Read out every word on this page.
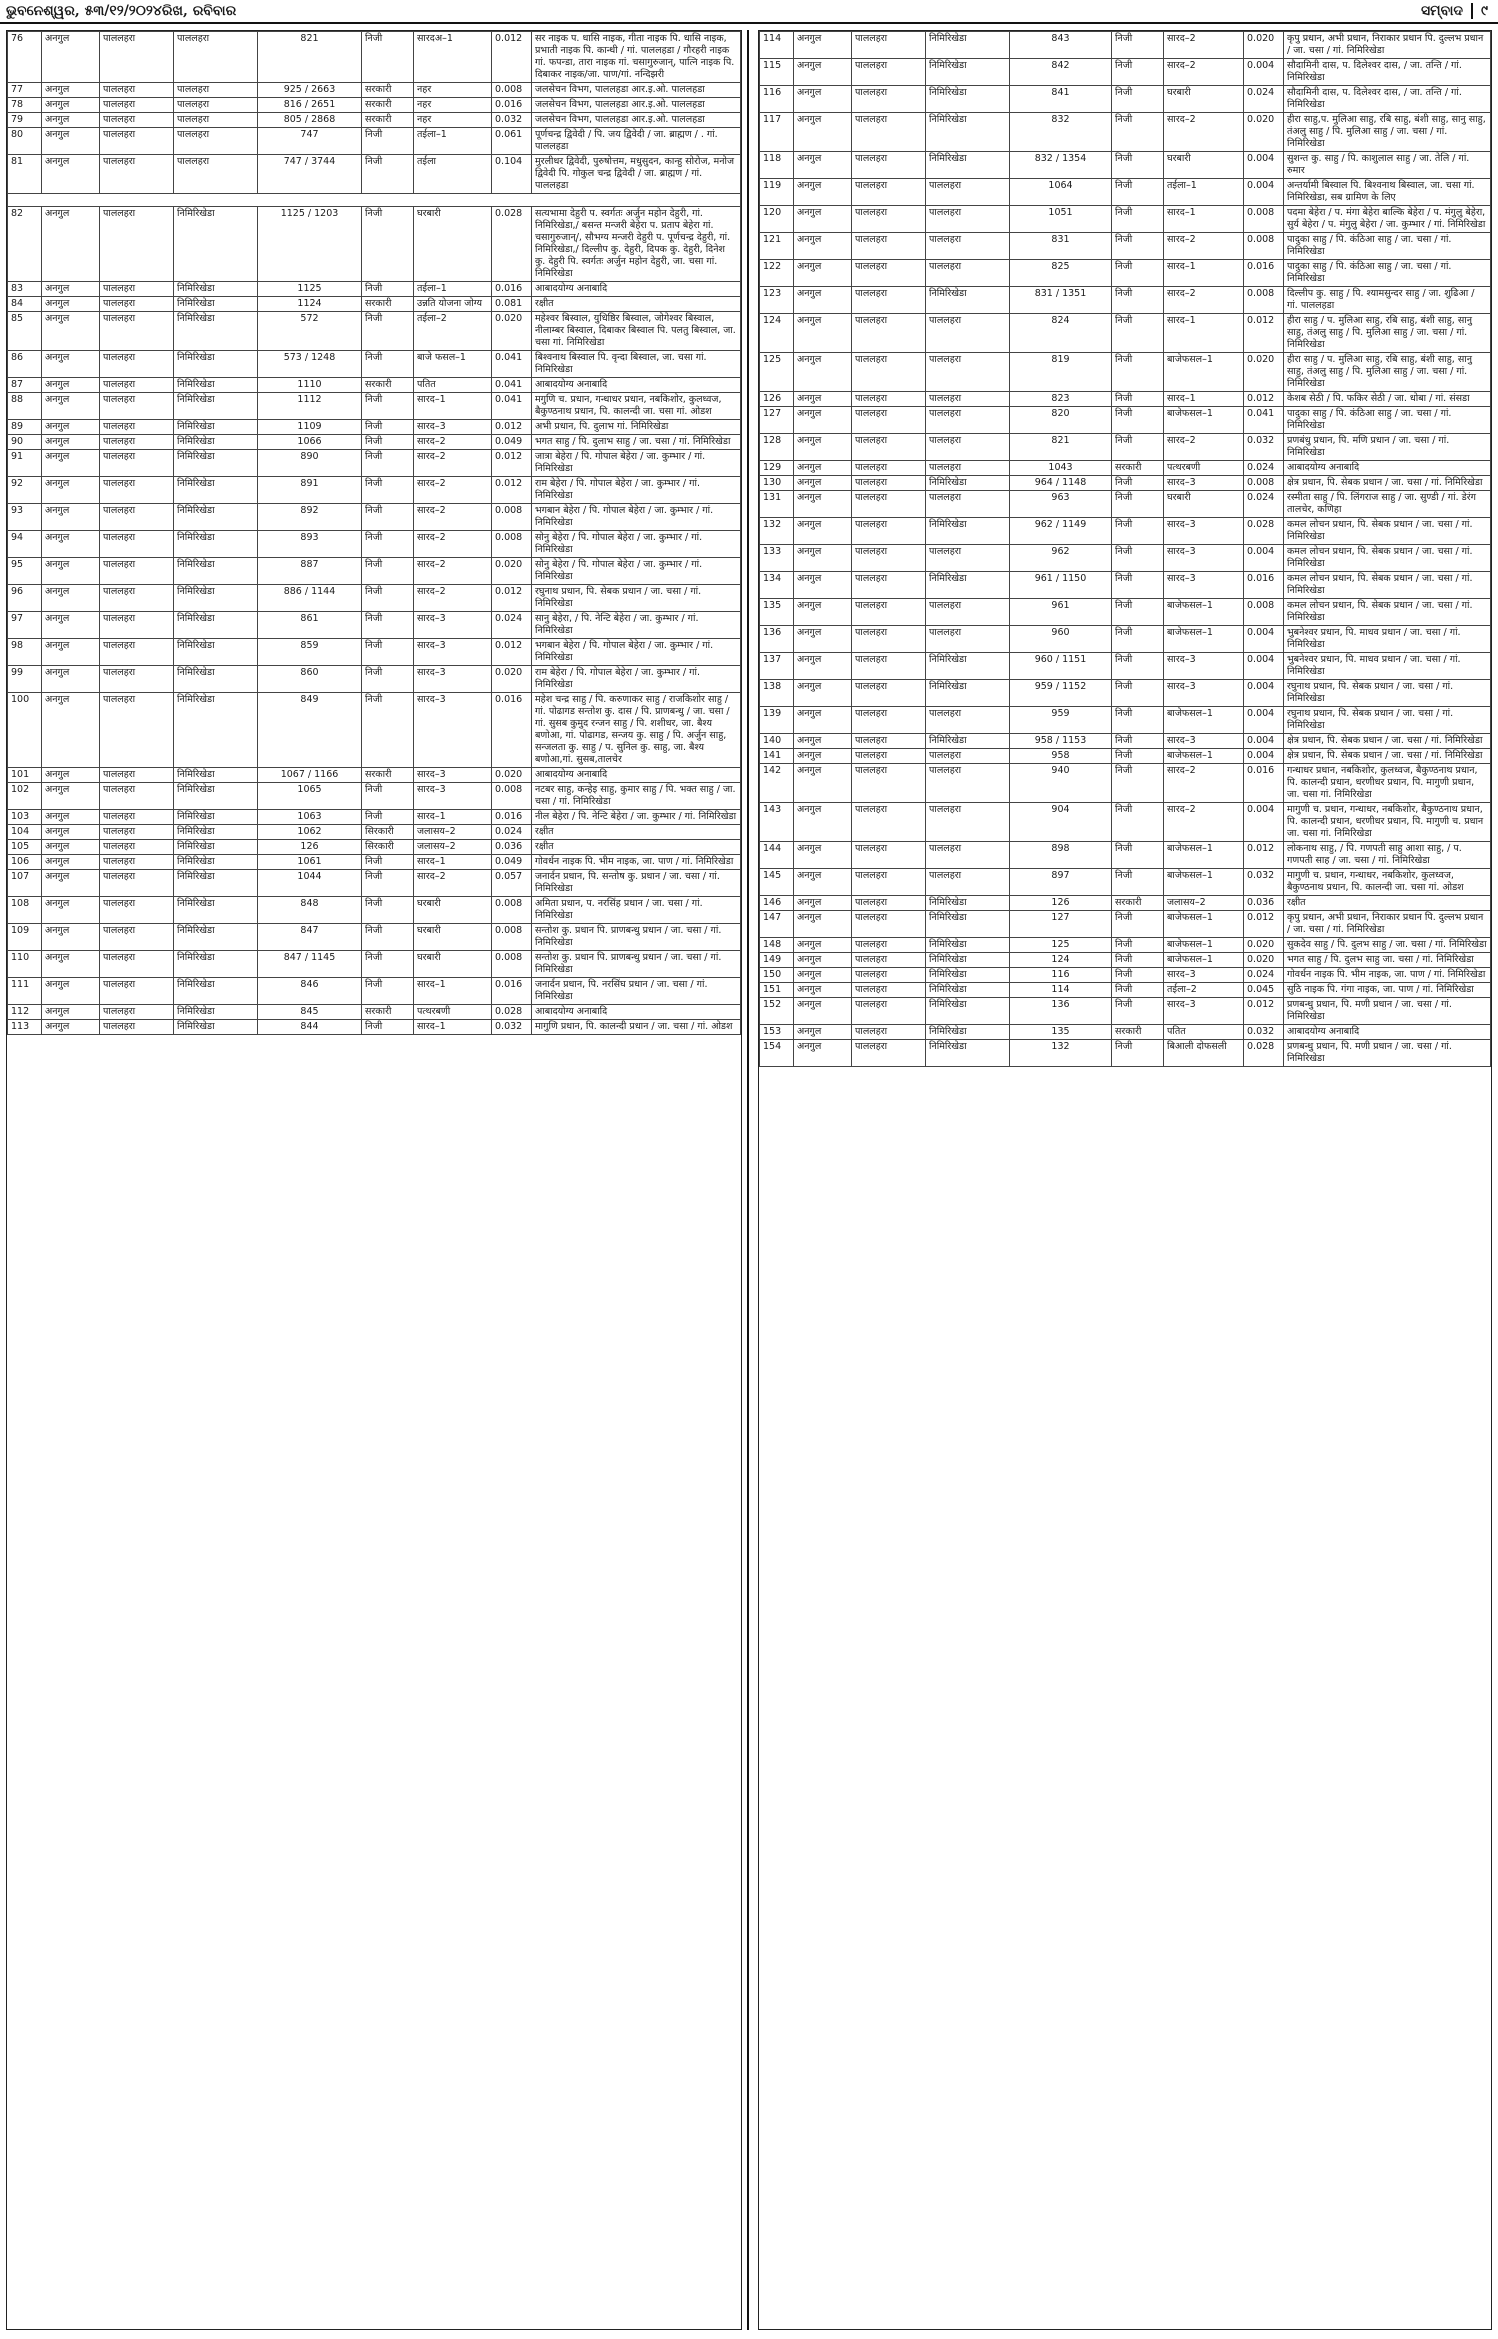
ଭୁବନେଶ୍ୱର, ୫୩/୧୨/୨୦୨୪ରିଖ, ରବିବାର	ସମ୍ବାଦ ୯
76	अनगुल	पाललहरा	पाललहरा	821	निजी	सारदअ–1	0.012	सर नाइक प. धासि नाइक, गीता नाइक पि. धासि नाइक, प्रभाती नाइक पि. कान्धी / गां. पाललहडा / गौरहरी नाइक गां. फपन्डा, तारा नाइक गां. चसागुरुजान्, पात्नि नाइक पि. दिबाकर नाइक/जा. पाण/गां. नन्दिझरी
77	अनगुल	पाललहरा	पाललहरा	925 / 2663	सरकारी	नहर	0.008	जलसेचन विभग, पाललहडा आर.इ.ओ. पाललहडा
78	अनगुल	पाललहरा	पाललहरा	816 / 2651	सरकारी	नहर	0.016	जलसेचन विभग, पाललहडा आर.इ.ओ. पाललहडा
79	अनगुल	पाललहरा	पाललहरा	805 / 2868	सरकारी	नहर	0.032	जलसेचन विभग, पाललहडा आर.इ.ओ. पाललहडा
80	अनगुल	पाललहरा	पाललहरा	747	निजी	तईला–1	0.061	पूर्णचन्द्र द्विवेदी / पि. जय द्विवेदी / जा. ब्राह्मण / . गां. पाललहडा
81	अनगुल	पाललहरा	पाललहरा	747 / 3744	निजी	तईला	0.104	मुरलीधर द्विवेदी, पुरुषोत्तम, मधुसुदन, कान्हु सोरोज, मनोज द्विवेदी पि. गोकुल चन्द्र द्विवेदी / जा. ब्राह्मण / गां. पाललहडा

82	अनगुल	पाललहरा	निमिरिखेडा	1125 / 1203	निजी	घरबारी	0.028	सत्यभामा देहुरी प. स्वर्गतः अर्जुन महोन देहुरी, गां. निमिरिखेडा,/ बसन्त मन्जरी बेहेरा प. प्रताप बेहेरा गां. चसागुरुजान्/, सौभग्य मन्जरी देहुरी प. पूर्णचन्द्र देहुरी, गां. निमिरिखेडा,/ दिल्लीप कु. देहुरी, दिपक कु. देहुरी, दिनेश कु. देहुरी पि. स्वर्गतः अर्जुन महोन देहुरी, जा. चसा गां. निमिरिखेडा
83	अनगुल	पाललहरा	निमिरिखेडा	1125	निजी	तईला–1	0.016	आबादयोग्य अनाबादि
84	अनगुल	पाललहरा	निमिरिखेडा	1124	सरकारी	उन्नति योजना जोग्य	0.081	रक्षीत
85	अनगुल	पाललहरा	निमिरिखेडा	572	निजी	तईला–2	0.020	महेश्वर बिस्वाल, युधिष्ठिर बिस्वाल, जोगेश्वर बिस्वाल, नीलाम्बर बिस्वाल, दिबाकर बिस्वाल पि. पलतु बिस्वाल, जा. चसा गां. निमिरिखेडा
86	अनगुल	पाललहरा	निमिरिखेडा	573 / 1248	निजी	बाजे फसल–1	0.041	बिश्वनाथ बिस्वाल पि. वृन्दा बिस्वाल, जा. चसा गां. निमिरिखेडा
87	अनगुल	पाललहरा	निमिरिखेडा	1110	सरकारी	पतित	0.041	आबादयोग्य अनाबादि
88	अनगुल	पाललहरा	निमिरिखेडा	1112	निजी	सारद–1	0.041	मगुणि च. प्रधान, गन्धाधर प्रधान, नबकिशोर, कुलध्वज, बैकुण्ठनाथ प्रधान, पि. कालन्दी जा. चसा गां. ओडश
89	अनगुल	पाललहरा	निमिरिखेडा	1109	निजी	सारद–3	0.012	अभी प्रधान, पि. दुलाभ गां. निमिरिखेडा
90	अनगुल	पाललहरा	निमिरिखेडा	1066	निजी	सारद–2	0.049	भगत साहु / पि. दुलाभ साहु / जा. चसा / गां. निमिरिखेडा
91	अनगुल	पाललहरा	निमिरिखेडा	890	निजी	सारद–2	0.012	जात्रा बेहेरा / पि. गोपाल बेहेरा / जा. कुम्भार / गां. निमिरिखेडा
92	अनगुल	पाललहरा	निमिरिखेडा	891	निजी	सारद–2	0.012	राम बेहेरा / पि. गोपाल बेहेरा / जा. कुम्भार / गां. निमिरिखेडा
93	अनगुल	पाललहरा	निमिरिखेडा	892	निजी	सारद–2	0.008	भगबान बेहेरा / पि. गोपाल बेहेरा / जा. कुम्भार / गां. निमिरिखेडा
94	अनगुल	पाललहरा	निमिरिखेडा	893	निजी	सारद–2	0.008	सोनु बेहेरा / पि. गोपाल बेहेरा / जा. कुम्भार / गां. निमिरिखेडा
95	अनगुल	पाललहरा	निमिरिखेडा	887	निजी	सारद–2	0.020	सोनु बेहेरा / पि. गोपाल बेहेरा / जा. कुम्भार / गां. निमिरिखेडा
96	अनगुल	पाललहरा	निमिरिखेडा	886 / 1144	निजी	सारद–2	0.012	रघुनाथ प्रधान, पि. सेबक प्रधान / जा. चसा / गां. निमिरिखेडा
97	अनगुल	पाललहरा	निमिरिखेडा	861	निजी	सारद–3	0.024	सानु बेहेरा, / पि. नेन्टि बेहेरा / जा. कुम्भार / गां. निमिरिखेडा
98	अनगुल	पाललहरा	निमिरिखेडा	859	निजी	सारद–3	0.012	भगबान बेहेरा / पि. गोपाल बेहेरा / जा. कुम्भार / गां. निमिरिखेडा
99	अनगुल	पाललहरा	निमिरिखेडा	860	निजी	सारद–3	0.020	राम बेहेरा / पि. गोपाल बेहेरा / जा. कुम्भार / गां. निमिरिखेडा
100	अनगुल	पाललहरा	निमिरिखेडा	849	निजी	सारद–3	0.016	महेश चन्द्र साहु / पि. करुणाकर साहु / राजकिशोर साहु / गां. पोढागड सन्तोश कु. दास / पि. प्राणबन्धु / जा. चसा / गां. सुसब कुमुद रन्जन साहु / पि. शशीधर, जा. बैश्य बणोआ, गां. पोढागड, सन्जय कु. साहु / पि. अर्जुन साहु, सन्जलता कु. साहु / प. सुनिल कु. साहु, जा. बैश्य बणोआ,गां. सुसब,तालचेर
101	अनगुल	पाललहरा	निमिरिखेडा	1067 / 1166	सरकारी	सारद–3	0.020	आबादयोग्य अनाबादि
102	अनगुल	पाललहरा	निमिरिखेडा	1065	निजी	सारद–3	0.008	नटबर साहु, कन्हेइ साहु, कुमार साहु / पि. भक्त साहु / जा. चसा / गां. निमिरिखेडा
103	अनगुल	पाललहरा	निमिरिखेडा	1063	निजी	सारद–1	0.016	नील बेहेरा / पि. नेन्टि बेहेरा / जा. कुम्भार / गां. निमिरिखेडा
104	अनगुल	पाललहरा	निमिरिखेडा	1062	सिरकारी	जलासय–2	0.024	रक्षीत
105	अनगुल	पाललहरा	निमिरिखेडा	126	सिरकारी	जलासय–2	0.036	रक्षीत
106	अनगुल	पाललहरा	निमिरिखेडा	1061	निजी	सारद–1	0.049	गोवर्धन नाइक पि. भीम नाइक, जा. पाण / गां. निमिरिखेडा
107	अनगुल	पाललहरा	निमिरिखेडा	1044	निजी	सारद–2	0.057	जनार्दन प्रधान, पि. सन्तोष कु. प्रधान / जा. चसा / गां. निमिरिखेडा
108	अनगुल	पाललहरा	निमिरिखेडा	848	निजी	घरबारी	0.008	अमिता प्रधान, प. नरसिंह प्रधान / जा. चसा / गां. निमिरिखेडा
109	अनगुल	पाललहरा	निमिरिखेडा	847	निजी	घरबारी	0.008	सन्तोश कु. प्रधान पि. प्राणबन्धु प्रधान / जा. चसा / गां. निमिरिखेडा
110	अनगुल	पाललहरा	निमिरिखेडा	847 / 1145	निजी	घरबारी	0.008	सन्तोश कु. प्रधान पि. प्राणबन्धु प्रधान / जा. चसा / गां. निमिरिखेडा
111	अनगुल	पाललहरा	निमिरिखेडा	846	निजी	सारद–1	0.016	जनार्दन प्रधान, पि. नरसिंघ प्रधान / जा. चसा / गां. निमिरिखेडा
112	अनगुल	पाललहरा	निमिरिखेडा	845	सरकारी	पत्थरबणी	0.028	आबादयोग्य अनाबादि
113	अनगुल	पाललहरा	निमिरिखेडा	844	निजी	सारद–1	0.032	मागुणि प्रधान, पि. कालन्दी प्रधान / जा. चसा / गां. ओडश
114	अनगुल	पाललहरा	निमिरिखेडा	843	निजी	सारद–2	0.020	कृपु प्रधान, अभी प्रधान, निराकार प्रधान पि. दुल्लभ प्रधान / जा. चसा / गां. निमिरिखेडा
115	अनगुल	पाललहरा	निमिरिखेडा	842	निजी	सारद–2	0.004	सौदामिनी दास, प. दिलेश्वर दास, / जा. तन्ति / गां. निमिरिखेडा
116	अनगुल	पाललहरा	निमिरिखेडा	841	निजी	घरबारी	0.024	सौदामिनी दास, प. दिलेश्वर दास, / जा. तन्ति / गां. निमिरिखेडा
117	अनगुल	पाललहरा	निमिरिखेडा	832	निजी	सारद–2	0.020	हीरा साहु,प. मुलिआ साहु, रबि साहु, बंशी साहु, सानु साहु, तंअलु साहु / पि. मुलिआ साहु / जा. चसा / गां. निमिरिखेडा
118	अनगुल	पाललहरा	निमिरिखेडा	832 / 1354	निजी	घरबारी	0.004	सुशन्त कु. साहु / पि. काशुलाल साहु / जा. तेलि / गां. रुमार
119	अनगुल	पाललहरा	पाललहरा	1064	निजी	तईला–1	0.004	अन्तर्यामी बिस्वाल पि. बिश्वनाथ बिस्वाल, जा. चसा गां. निमिरिखेडा, सब ग्रामिण के लिए
120	अनगुल	पाललहरा	पाललहरा	1051	निजी	सारद–1	0.008	पदमा बेहेरा / प. मंगा बेहेरा बाल्कि बेहेरा / प. मंगुलु बेहेरा, सुर्य बेहेरा / प. मंगुलु बेहेरा / जा. कुम्भार / गां. निमिरिखेडा
121	अनगुल	पाललहरा	पाललहरा	831	निजी	सारद–2	0.008	पादुका साहु / पि. कंठिआ साहु / जा. चसा / गां. निमिरिखेडा
122	अनगुल	पाललहरा	पाललहरा	825	निजी	सारद–1	0.016	पादुका साहु / पि. कंठिआ साहु / जा. चसा / गां. निमिरिखेडा
123	अनगुल	पाललहरा	निमिरिखेडा	831 / 1351	निजी	सारद–2	0.008	दिल्लीप कु. साहु / पि. श्यामसुन्दर साहु / जा. शुढिआ / गां. पाललहडा
124	अनगुल	पाललहरा	पाललहरा	824	निजी	सारद–1	0.012	हीरा साहु / प. मुलिआ साहु, रबि साहु, बंशी साहु, सानु साहु, तंअलु साहु / पि. मुलिआ साहु / जा. चसा / गां. निमिरिखेडा
125	अनगुल	पाललहरा	पाललहरा	819	निजी	बाजेफसल–1	0.020	हीरा साहु / प. मुलिआ साहु, रबि साहु, बंशी साहु, सानु साहु, तंअलु साहु / पि. मुलिआ साहु / जा. चसा / गां. निमिरिखेडा
126	अनगुल	पाललहरा	पाललहरा	823	निजी	सारद–1	0.012	केशब सेठी / पि. फकिर सेठी / जा. धोबा / गां. संसडा
127	अनगुल	पाललहरा	पाललहरा	820	निजी	बाजेफसल–1	0.041	पादुका साहु / पि. कंठिआ साहु / जा. चसा / गां. निमिरिखेडा
128	अनगुल	पाललहरा	पाललहरा	821	निजी	सारद–2	0.032	प्रणबंधु प्रधान, पि. मणि प्रधान / जा. चसा / गां. निमिरिखेडा
129	अनगुल	पाललहरा	पाललहरा	1043	सरकारी	पत्थरबणी	0.024	आबादयोग्य अनाबादि
130	अनगुल	पाललहरा	निमिरिखेडा	964 / 1148	निजी	सारद–3	0.008	क्षेत्र प्रधान, पि. सेबक प्रधान / जा. चसा / गां. निमिरिखेडा
131	अनगुल	पाललहरा	पाललहरा	963	निजी	घरबारी	0.024	रस्मीता साहु / पि. लिंगराज साहु / जा. सुण्डी / गां. डेरंग तालचेर, कणिहा
132	अनगुल	पाललहरा	निमिरिखेडा	962 / 1149	निजी	सारद–3	0.028	कमल लोचन प्रधान, पि. सेबक प्रधान / जा. चसा / गां. निमिरिखेडा
133	अनगुल	पाललहरा	पाललहरा	962	निजी	सारद–3	0.004	कमल लोचन प्रधान, पि. सेबक प्रधान / जा. चसा / गां. निमिरिखेडा
134	अनगुल	पाललहरा	निमिरिखेडा	961 / 1150	निजी	सारद–3	0.016	कमल लोचन प्रधान, पि. सेबक प्रधान / जा. चसा / गां. निमिरिखेडा
135	अनगुल	पाललहरा	पाललहरा	961	निजी	बाजेफसल–1	0.008	कमल लोचन प्रधान, पि. सेबक प्रधान / जा. चसा / गां. निमिरिखेडा
136	अनगुल	पाललहरा	पाललहरा	960	निजी	बाजेफसल–1	0.004	भुबनेश्वर प्रधान, पि. माधव प्रधान / जा. चसा / गां. निमिरिखेडा
137	अनगुल	पाललहरा	निमिरिखेडा	960 / 1151	निजी	सारद–3	0.004	भुबनेश्वर प्रधान, पि. माधव प्रधान / जा. चसा / गां. निमिरिखेडा
138	अनगुल	पाललहरा	निमिरिखेडा	959 / 1152	निजी	सारद–3	0.004	रघुनाथ प्रधान, पि. सेबक प्रधान / जा. चसा / गां. निमिरिखेडा
139	अनगुल	पाललहरा	पाललहरा	959	निजी	बाजेफसल–1	0.004	रघुनाथ प्रधान, पि. सेबक प्रधान / जा. चसा / गां. निमिरिखेडा
140	अनगुल	पाललहरा	निमिरिखेडा	958 / 1153	निजी	सारद–3	0.004	क्षेत्र प्रधान, पि. सेबक प्रधान / जा. चसा / गां. निमिरिखेडा
141	अनगुल	पाललहरा	पाललहरा	958	निजी	बाजेफसल–1	0.004	क्षेत्र प्रधान, पि. सेबक प्रधान / जा. चसा / गां. निमिरिखेडा
142	अनगुल	पाललहरा	पाललहरा	940	निजी	सारद–2	0.016	गन्धाधर प्रधान, नबकिशोर, कुलध्वज, बैकुण्ठनाथ प्रधान, पि. कालन्दी प्रधान, धरणीधर प्रधान, पि. मागुणी प्रधान, जा. चसा गां. निमिरिखेडा
143	अनगुल	पाललहरा	पाललहरा	904	निजी	सारद–2	0.004	मागुणी च. प्रधान, गन्धाधर, नबकिशोर, बैकुण्ठनाथ प्रधान, पि. कालन्दी प्रधान, धरणीधर प्रधान, पि. मागुणी च. प्रधान जा. चसा गां. निमिरिखेडा
144	अनगुल	पाललहरा	पाललहरा	898	निजी	बाजेफसल–1	0.012	लोकनाथ साहु, / पि. गणपती साहु आशा साहु, / प. गणपती साह / जा. चसा / गां. निमिरिखेडा
145	अनगुल	पाललहरा	पाललहरा	897	निजी	बाजेफसल–1	0.032	मागुणी च. प्रधान, गन्धाधर, नबकिशोर, कुलध्वज, बैकुण्ठनाथ प्रधान, पि. कालन्दी जा. चसा गां. ओडश
146	अनगुल	पाललहरा	निमिरिखेडा	126	सरकारी	जलासय–2	0.036	रक्षीत
147	अनगुल	पाललहरा	निमिरिखेडा	127	निजी	बाजेफसल–1	0.012	कृपु प्रधान, अभी प्रधान, निराकार प्रधान पि. दुल्लभ प्रधान / जा. चसा / गां. निमिरिखेडा
148	अनगुल	पाललहरा	निमिरिखेडा	125	निजी	बाजेफसल–1	0.020	सुकदेव साहु / पि. दुलभ साहु / जा. चसा / गां. निमिरिखेडा
149	अनगुल	पाललहरा	निमिरिखेडा	124	निजी	बाजेफसल–1	0.020	भगत साहु / पि. दुलभ साहु जा. चसा / गां. निमिरिखेडा
150	अनगुल	पाललहरा	निमिरिखेडा	116	निजी	सारद–3	0.024	गोवर्धन नाइक पि. भीम नाइक, जा. पाण / गां. निमिरिखेडा
151	अनगुल	पाललहरा	निमिरिखेडा	114	निजी	तईला–2	0.045	सुठि नाइक पि. गंगा नाइक, जा. पाण / गां. निमिरिखेडा
152	अनगुल	पाललहरा	निमिरिखेडा	136	निजी	सारद–3	0.012	प्रणबन्धु प्रधान, पि. मणी प्रधान / जा. चसा / गां. निमिरिखेडा
153	अनगुल	पाललहरा	निमिरिखेडा	135	सरकारी	पतित	0.032	आबादयोग्य अनाबादि
154	अनगुल	पाललहरा	निमिरिखेडा	132	निजी	बिआली दोफसली	0.028	प्रणबन्धु प्रधान, पि. मणी प्रधान / जा. चसा / गां. निमिरिखेडा
